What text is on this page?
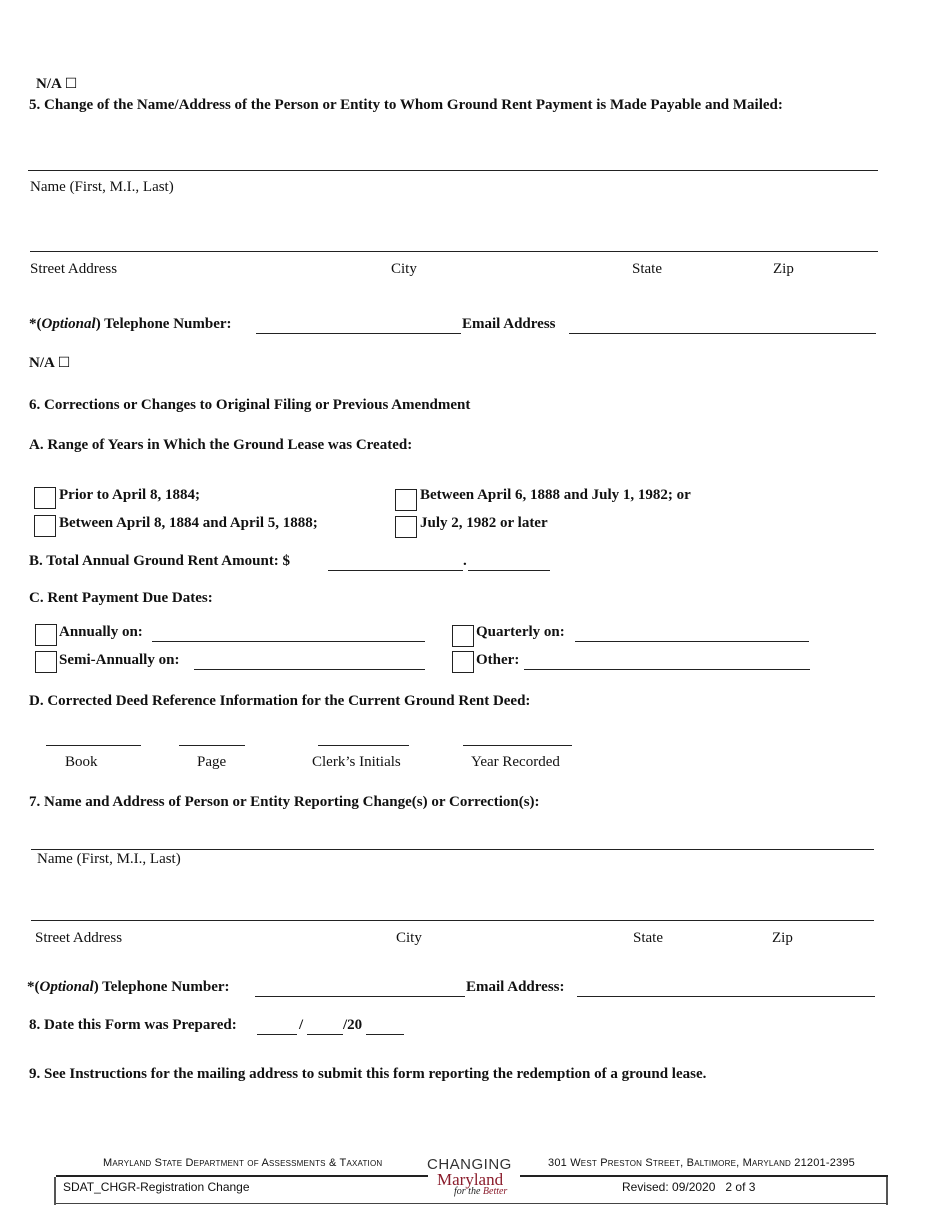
N/A ☐
5. Change of the Name/Address of the Person or Entity to Whom Ground Rent Payment is Made Payable and Mailed:
Name (First, M.I., Last)
Street Address	City	State	Zip
*(Optional) Telephone Number:	Email Address
N/A ☐
6. Corrections or Changes to Original Filing or Previous Amendment
A. Range of Years in Which the Ground Lease was Created:
Prior to April 8, 1884;
Between April 8, 1884 and April 5, 1888;
Between April 6, 1888 and July 1, 1982; or
July 2, 1982 or later
B. Total Annual Ground Rent Amount: $	.
C. Rent Payment Due Dates:
Annually on:
Semi-Annually on:
Quarterly on:
Other:
D. Corrected Deed Reference Information for the Current Ground Rent Deed:
Book	Page	Clerk’s Initials	Year Recorded
7. Name and Address of Person or Entity Reporting Change(s) or Correction(s):
Name (First, M.I., Last)
Street Address	City	State	Zip
*(Optional) Telephone Number:	Email Address:
8. Date this Form was Prepared:	/	/20
9. See Instructions for the mailing address to submit this form reporting the redemption of a ground lease.
Maryland State Department of Assessments & Taxation	301 West Preston Street, Baltimore, Maryland 21201-2395
CHANGING
Maryland
for the Better
SDAT_CHGR-Registration Change	Revised: 09/2020 2 of 3
